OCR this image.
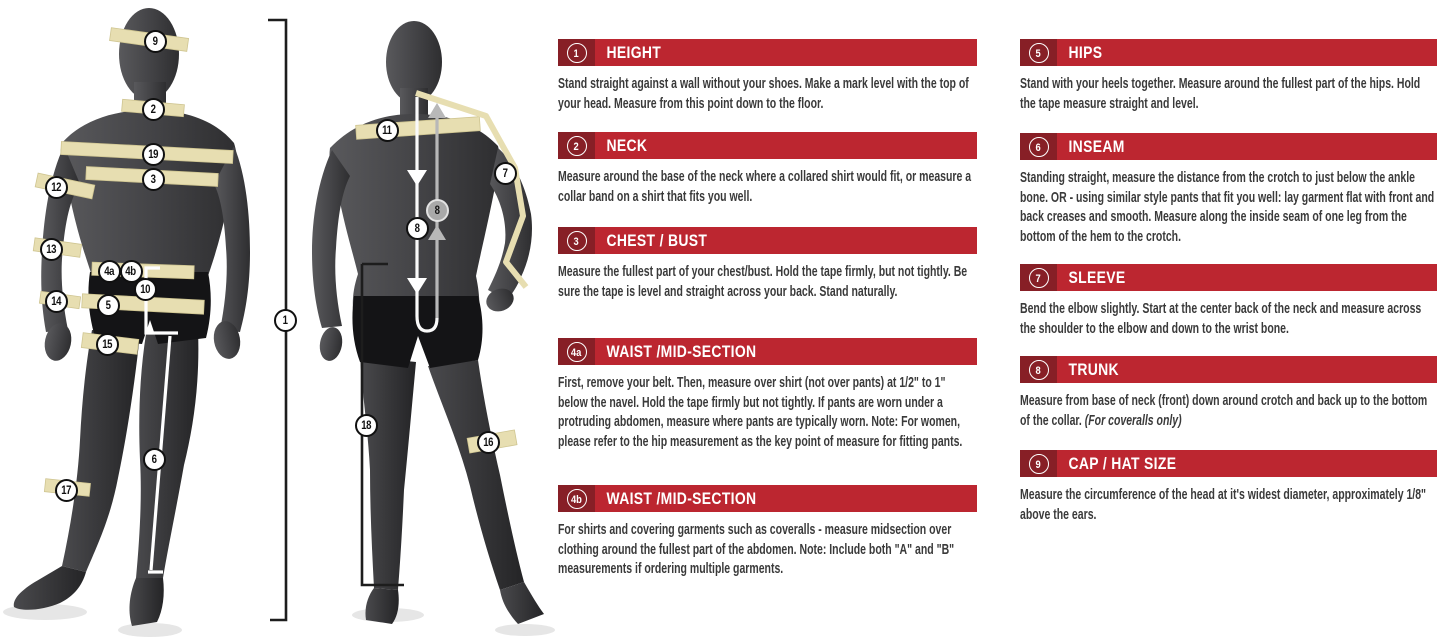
9
2
19
3
12
13
4a 4b
10
14	5
15
6
17
1
11
7
8
8
18
16
1	HEIGHT

Stand straight against a wall without your shoes. Make a mark level with the top of your head. Measure from this point down to the floor.

2	NECK

Measure around the base of the neck where a collared shirt would fit, or measure a collar band on a shirt that fits you well.

3	CHEST / BUST

Measure the fullest part of your chest/bust. Hold the tape firmly, but not tightly. Be sure the tape is level and straight across your back. Stand naturally.

4a	WAIST /MID-SECTION

First, remove your belt. Then, measure over shirt (not over pants) at 1/2" to 1" below the navel. Hold the tape firmly but not tightly. If pants are worn under a protruding abdomen, measure where pants are typically worn. Note: For women, please refer to the hip measurement as the key point of measure for fitting pants.

4b	WAIST /MID-SECTION

For shirts and covering garments such as coveralls - measure midsection over clothing around the fullest part of the abdomen. Note: Include both "A" and "B" measurements if ordering multiple garments.

5	HIPS

Stand with your heels together. Measure around the fullest part of the hips. Hold the tape measure straight and level.

6	INSEAM

Standing straight, measure the distance from the crotch to just below the ankle bone. OR - using similar style pants that fit you well: lay garment flat with front and back creases and smooth. Measure along the inside seam of one leg from the bottom of the hem to the crotch.

7	SLEEVE

Bend the elbow slightly. Start at the center back of the neck and measure across the shoulder to the elbow and down to the wrist bone.

8	TRUNK

Measure from base of neck (front) down around crotch and back up to the bottom of the collar. (For coveralls only)

9	CAP / HAT SIZE

Measure the circumference of the head at it's widest diameter, approximately 1/8" above the ears.
